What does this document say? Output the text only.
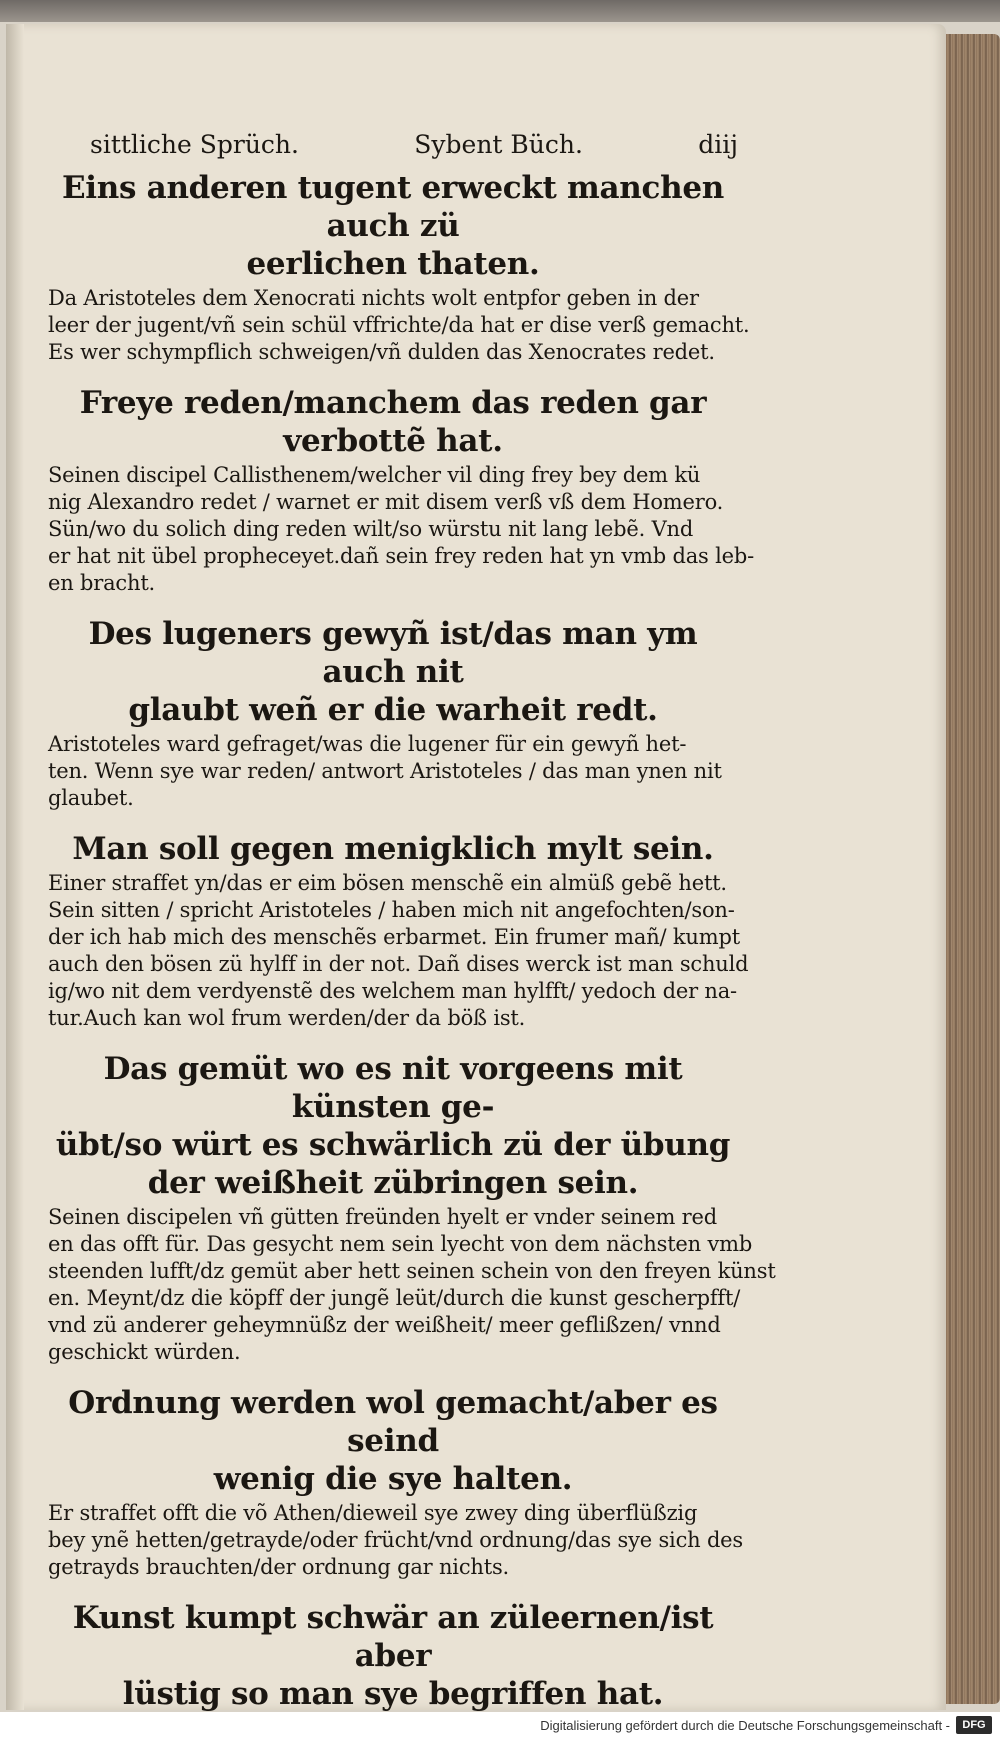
sittliche Sprüch.	Sybent Büch.	diij
Eins anderen tugent erweckt manchen auch zü
eerlichen thaten.
Da Aristoteles dem Xenocrati nichts wolt entpfor geben in der
leer der jugent/vñ sein schül vffrichte/da hat er dise verß gemacht.
Es wer schympflich schweigen/vñ dulden das Xenocrates redet.
Freye reden/manchem das reden gar verbottẽ hat.
Seinen discipel Callisthenem/welcher vil ding frey bey dem kü
nig Alexandro redet / warnet er mit disem verß vß dem Homero.
Sün/wo du solich ding reden wilt/so würstu nit lang lebẽ. Vnd
er hat nit übel propheceyet.dañ sein frey reden hat yn vmb das leb-
en bracht.
Des lugeners gewyñ ist/das man ym auch nit
glaubt weñ er die warheit redt.
Aristoteles ward gefraget/was die lugener für ein gewyñ het-
ten. Wenn sye war reden/ antwort Aristoteles / das man ynen nit
glaubet.
Man soll gegen menigklich mylt sein.
Einer straffet yn/das er eim bösen menschẽ ein almüß gebẽ hett.
Sein sitten / spricht Aristoteles / haben mich nit angefochten/son-
der ich hab mich des menschẽs erbarmet. Ein frumer mañ/ kumpt
auch den bösen zü hylff in der not. Dañ dises werck ist man schuld
ig/wo nit dem verdyenstẽ des welchem man hylfft/ yedoch der na-
tur.Auch kan wol frum werden/der da böß ist.
Das gemüt wo es nit vorgeens mit künsten ge-
übt/so würt es schwärlich zü der übung
der weißheit zübringen sein.
Seinen discipelen vñ gütten freünden hyelt er vnder seinem red
en das offt für. Das gesycht nem sein lyecht von dem nächsten vmb
steenden lufft/dz gemüt aber hett seinen schein von den freyen künst
en. Meynt/dz die köpff der jungẽ leüt/durch die kunst gescherpfft/
vnd zü anderer geheymnüßz der weißheit/ meer geflißzen/ vnnd
geschickt würden.
Ordnung werden wol gemacht/aber es seind
wenig die sye halten.
Er straffet offt die võ Athen/dieweil sye zwey ding überflüßzig
bey ynẽ hetten/getrayde/oder frücht/vnd ordnung/das sye sich des
getrayds brauchten/der ordnung gar nichts.
Kunst kumpt schwär an züleernen/ist aber
lüstig so man sye begriffen hat.
Digitalisierung gefördert durch die Deutsche Forschungsgemeinschaft -	DFG
